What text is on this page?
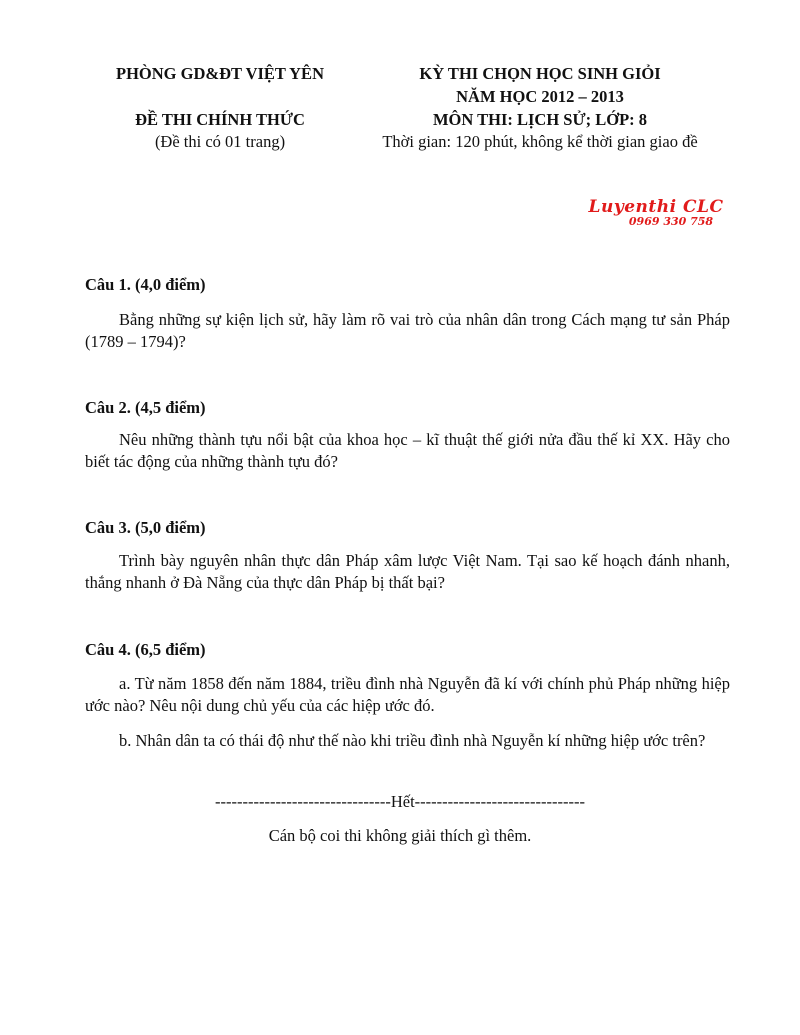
PHÒNG GD&ĐT VIỆT YÊN
ĐỀ THI CHÍNH THỨC
(Đề thi có 01 trang)
KỲ THI CHỌN HỌC SINH GIỎI
NĂM HỌC 2012 – 2013
MÔN THI: LỊCH SỬ; LỚP: 8
Thời gian: 120 phút, không kể thời gian giao đề
Luyenthi CLC
0969 330 758
Câu 1. (4,0 điểm)
Bằng những sự kiện lịch sử, hãy làm rõ vai trò của nhân dân trong Cách mạng tư sản Pháp (1789 – 1794)?
Câu 2. (4,5 điểm)
Nêu những thành tựu nổi bật của khoa học – kĩ thuật thế giới nửa đầu thế kỉ XX. Hãy cho biết tác động của những thành tựu đó?
Câu 3. (5,0 điểm)
Trình bày nguyên nhân thực dân Pháp xâm lược Việt Nam. Tại sao kế hoạch đánh nhanh, thắng nhanh ở Đà Nẵng của thực dân Pháp bị thất bại?
Câu 4. (6,5 điểm)
a. Từ năm 1858 đến năm 1884, triều đình nhà Nguyễn đã kí với chính phủ Pháp những hiệp ước nào? Nêu nội dung chủ yếu của các hiệp ước đó.
b. Nhân dân ta có thái độ như thế nào khi triều đình nhà Nguyễn kí những hiệp ước trên?
--------------------------------Hết-------------------------------
Cán bộ coi thi không giải thích gì thêm.
